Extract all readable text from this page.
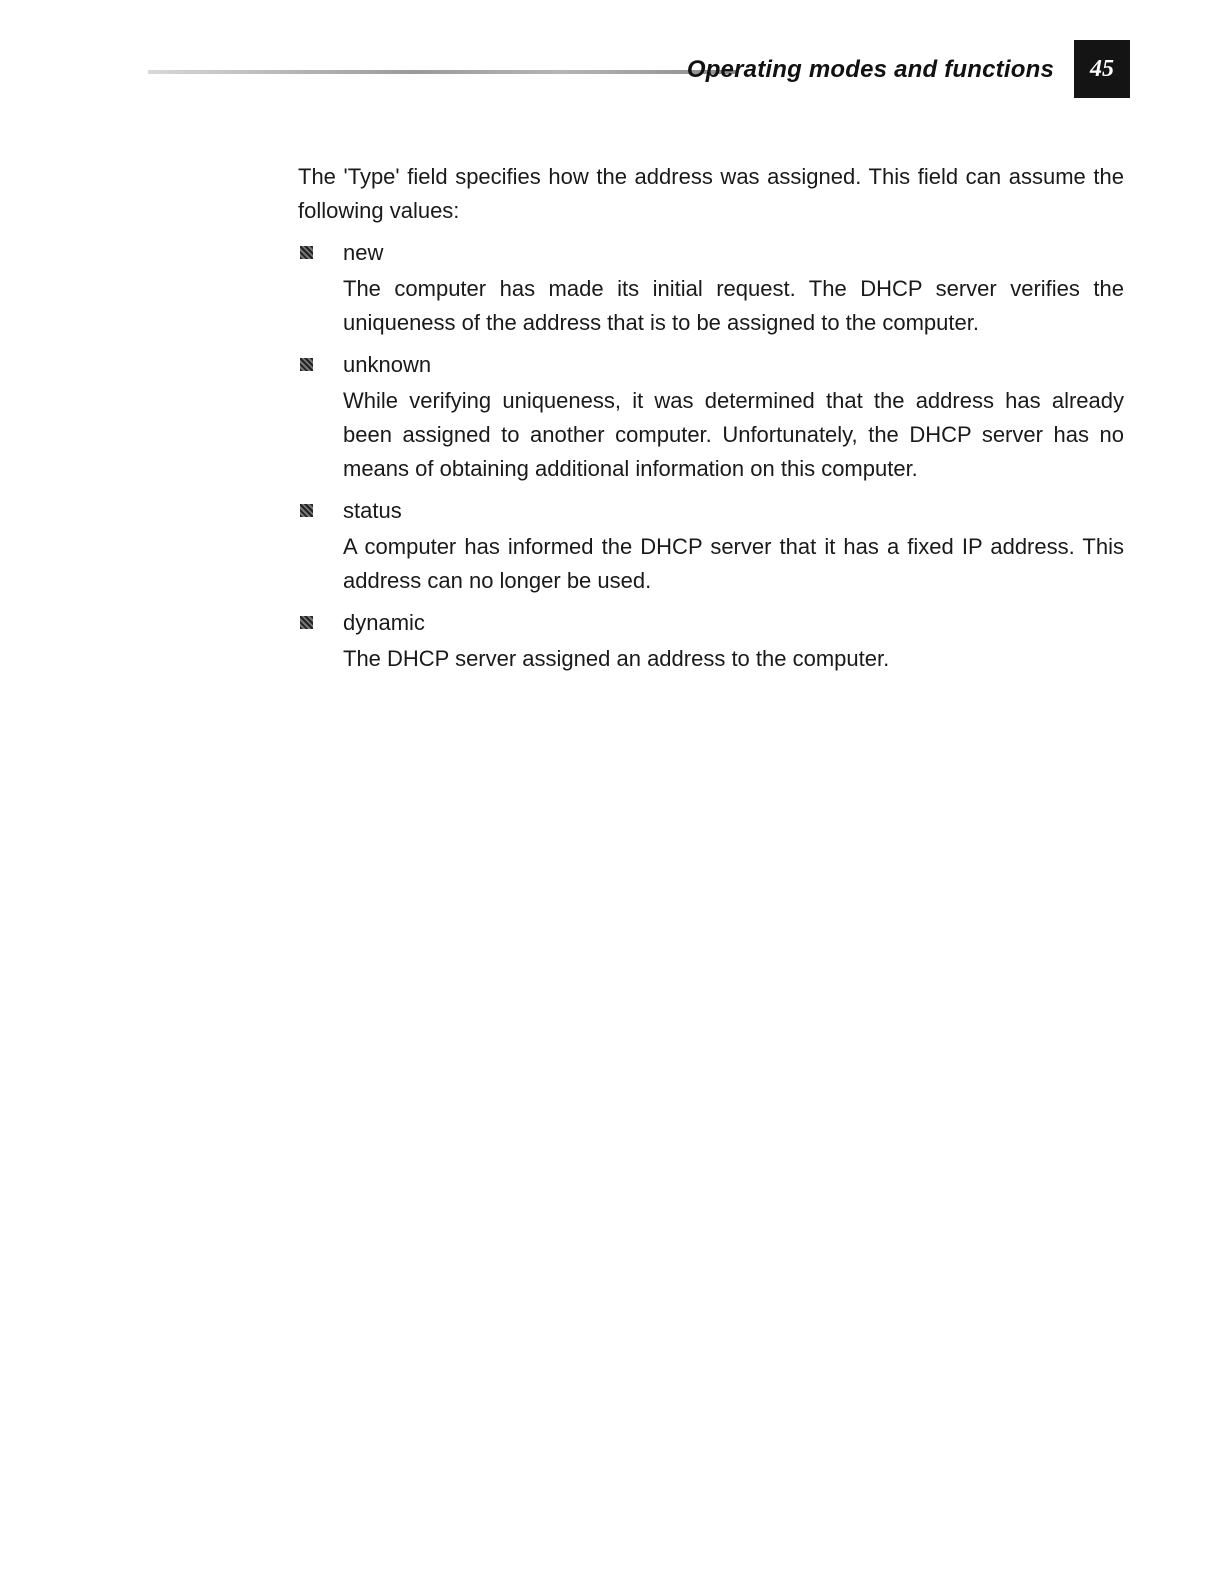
Operating modes and functions	45

The 'Type' field specifies how the address was assigned. This field can assume the following values:

new

The computer has made its initial request. The DHCP server verifies the uniqueness of the address that is to be assigned to the computer.

unknown

While verifying uniqueness, it was determined that the address has already been assigned to another computer. Unfortunately, the DHCP server has no means of obtaining additional information on this computer.

status

A computer has informed the DHCP server that it has a fixed IP address. This address can no longer be used.

dynamic

The DHCP server assigned an address to the computer.
